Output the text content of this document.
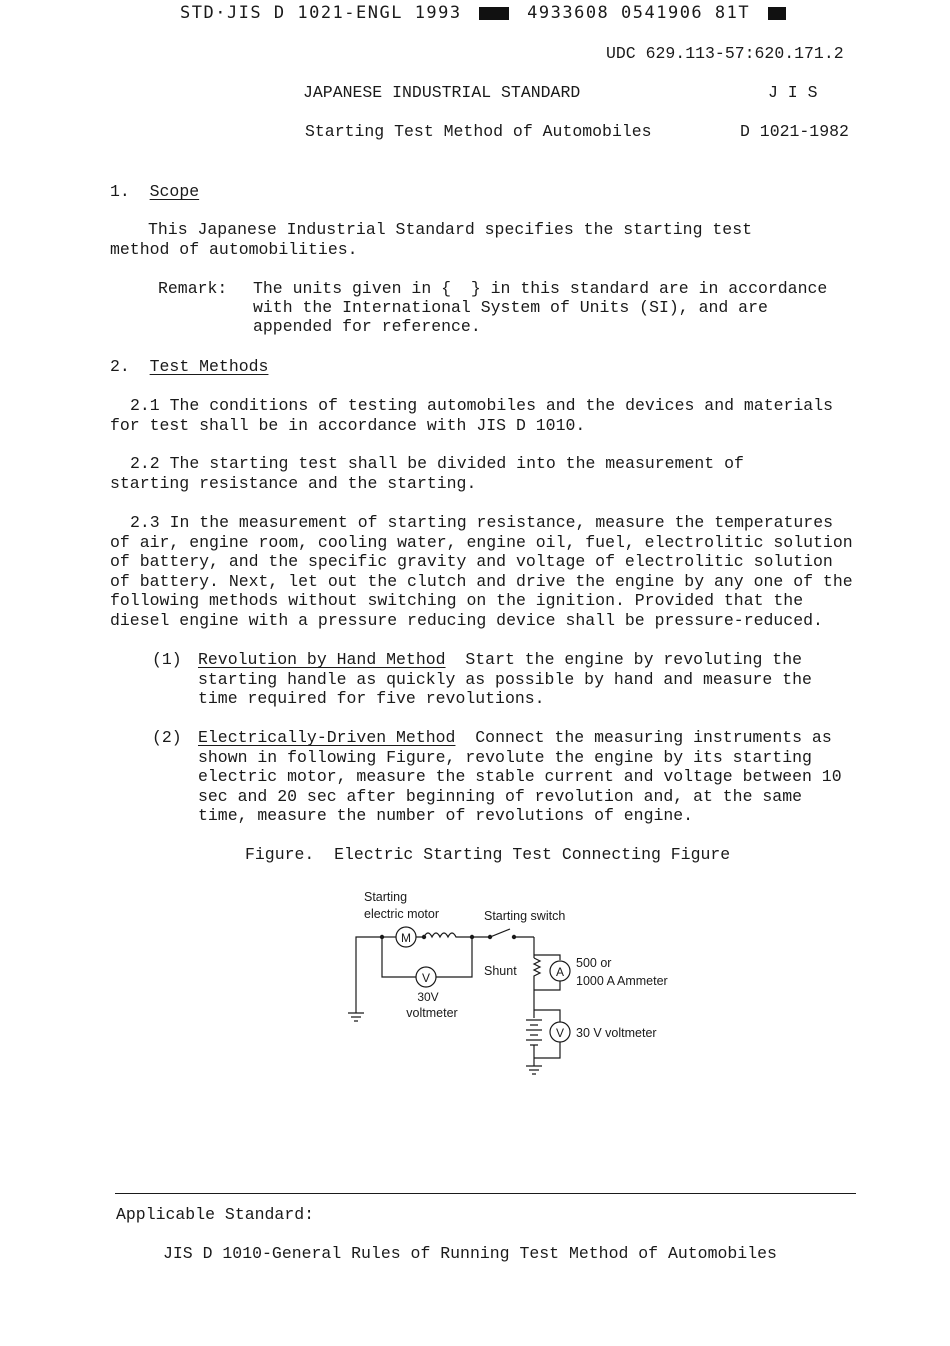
STD·JIS D 1021-ENGL 1993	4933608 0541906 81T
UDC 629.113-57:620.171.2
JAPANESE INDUSTRIAL STANDARD	J I S
Starting Test Method of Automobiles	D 1021-1982
1. Scope
This Japanese Industrial Standard specifies the starting test method of automobilities.
Remark: The units given in {  } in this standard are in accordance
with the International System of Units (SI), and are
appended for reference.
2. Test Methods
2.1 The conditions of testing automobiles and the devices and materials for test shall be in accordance with JIS D 1010.
2.2 The starting test shall be divided into the measurement of starting resistance and the starting.
2.3 In the measurement of starting resistance, measure the temperatures of air, engine room, cooling water, engine oil, fuel, electrolitic solution of battery, and the specific gravity and voltage of electrolitic solution of battery. Next, let out the clutch and drive the engine by any one of the following methods without switching on the ignition. Provided that the diesel engine with a pressure reducing device shall be pressure-reduced.
(1) Revolution by Hand Method Start the engine by revoluting the starting handle as quickly as possible by hand and measure the time required for five revolutions.
(2) Electrically-Driven Method Connect the measuring instruments as shown in following Figure, revolute the engine by its starting electric motor, measure the stable current and voltage between 10 sec and 20 sec after beginning of revolution and, at the same time, measure the number of revolutions of engine.
Figure.  Electric Starting Test Connecting Figure
Starting
electric motor	Starting switch
M
V
30V
voltmeter
Shunt	A
500 or
1000 A Ammeter
V 30 V voltmeter
Applicable Standard:
JIS D 1010-General Rules of Running Test Method of Automobiles
